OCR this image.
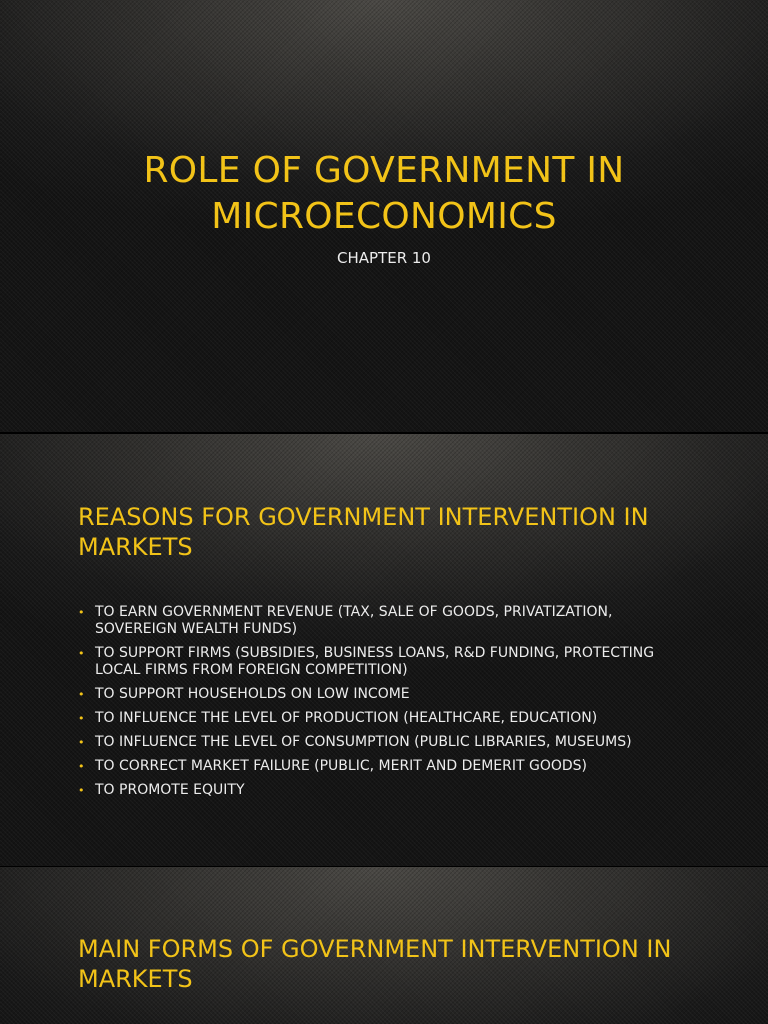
ROLE OF GOVERNMENT IN MICROECONOMICS

CHAPTER 10

REASONS FOR GOVERNMENT INTERVENTION IN MARKETS
• TO EARN GOVERNMENT REVENUE (TAX, SALE OF GOODS, PRIVATIZATION, SOVEREIGN WEALTH FUNDS)
• TO SUPPORT FIRMS (SUBSIDIES, BUSINESS LOANS, R&D FUNDING, PROTECTING LOCAL FIRMS FROM FOREIGN COMPETITION)
• TO SUPPORT HOUSEHOLDS ON LOW INCOME
• TO INFLUENCE THE LEVEL OF PRODUCTION (HEALTHCARE, EDUCATION)
• TO INFLUENCE THE LEVEL OF CONSUMPTION (PUBLIC LIBRARIES, MUSEUMS)
• TO CORRECT MARKET FAILURE (PUBLIC, MERIT AND DEMERIT GOODS)
• TO PROMOTE EQUITY
MAIN FORMS OF GOVERNMENT INTERVENTION IN MARKETS
